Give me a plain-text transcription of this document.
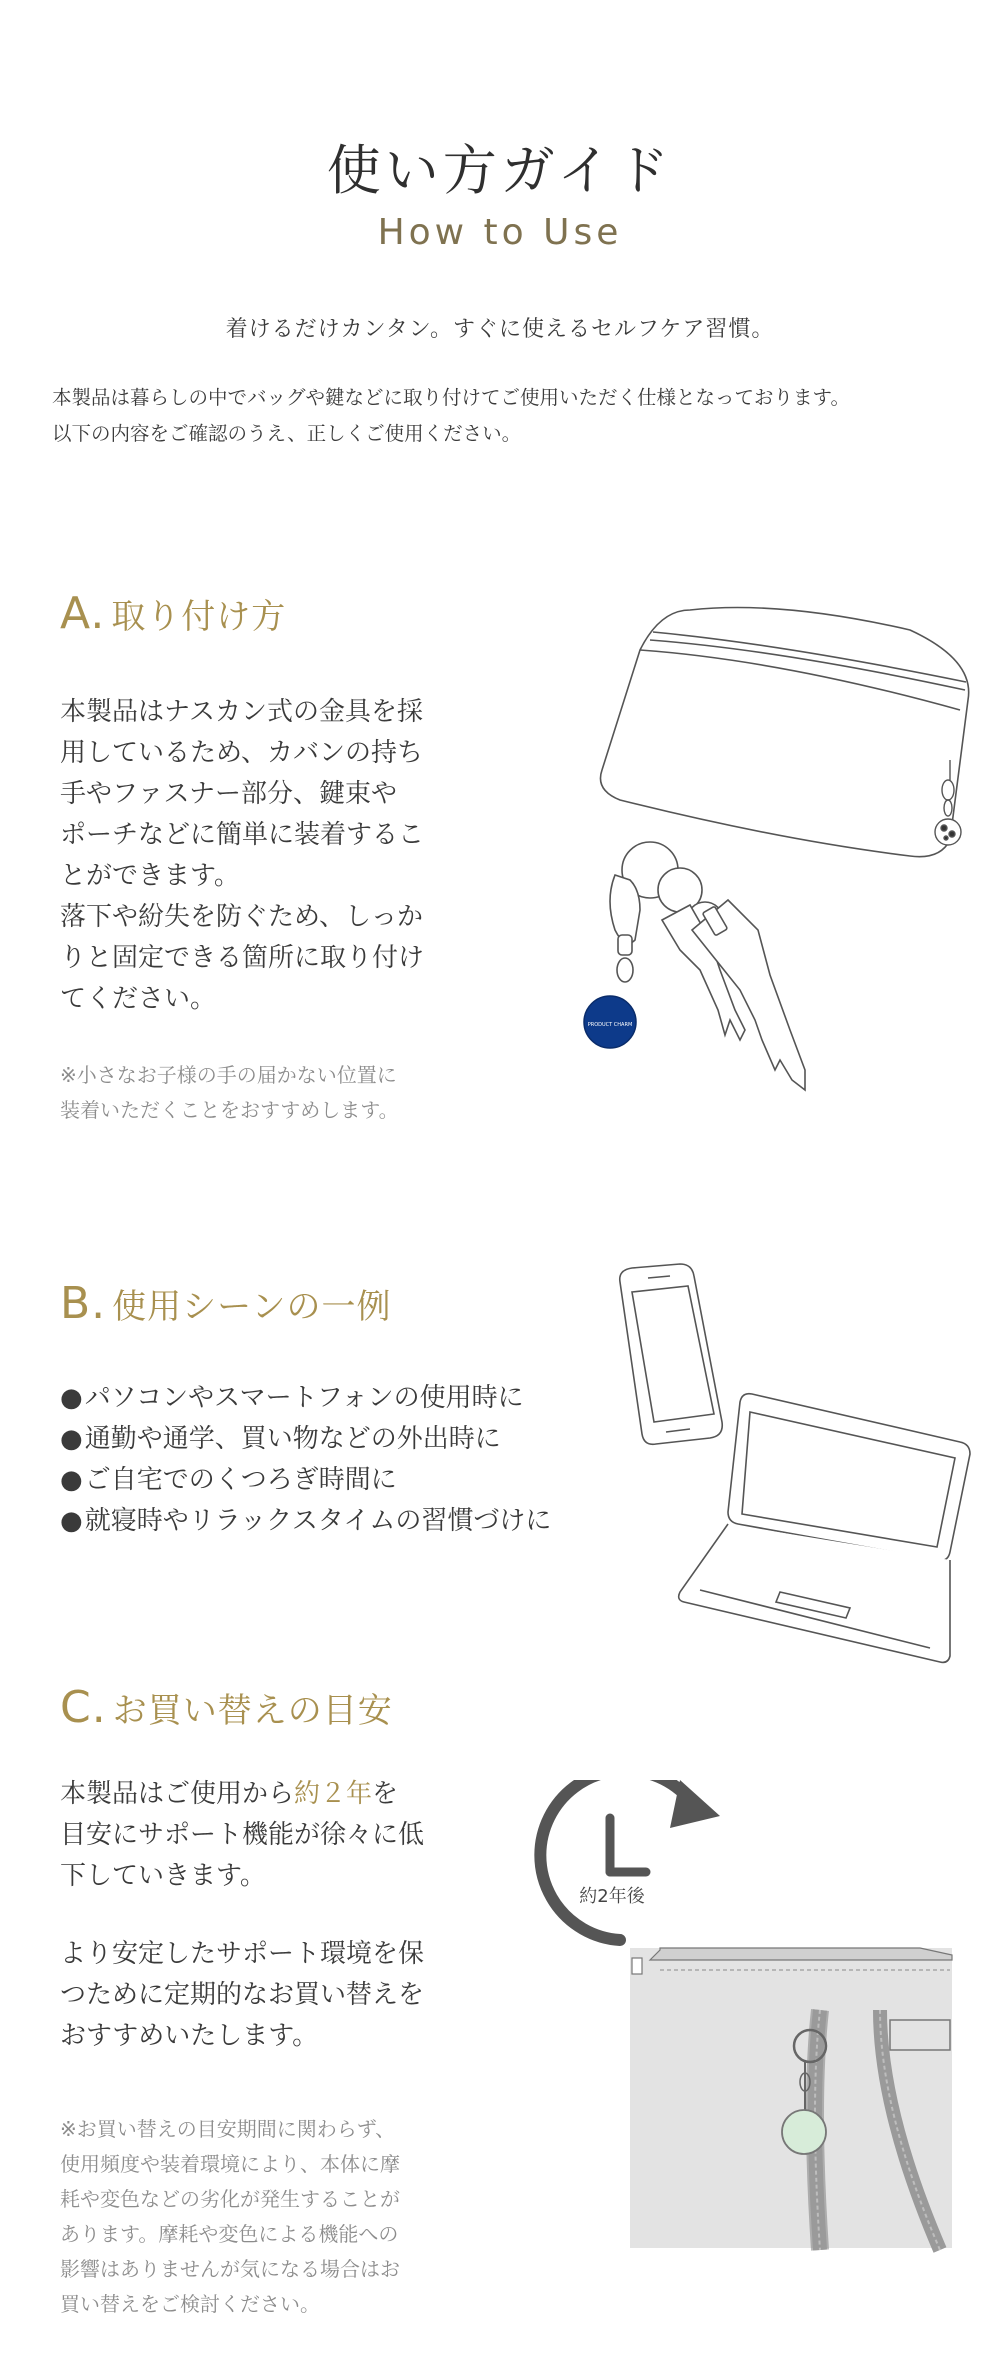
使い方ガイド
How to Use
着けるだけカンタン。すぐに使えるセルフケア習慣。
本製品は暮らしの中でバッグや鍵などに取り付けてご使用いただく仕様となっております。
以下の内容をご確認のうえ、正しくご使用ください。
A. 取り付け方
本製品はナスカン式の金具を採
用しているため、カバンの持ち
手やファスナー部分、鍵束や
ポーチなどに簡単に装着するこ
とができます。
落下や紛失を防ぐため、しっか
りと固定できる箇所に取り付け
てください。
※小さなお子様の手の届かない位置に
装着いただくことをおすすめします。
PRODUCT CHARM
B. 使用シーンの一例
●パソコンやスマートフォンの使用時に
●通勤や通学、買い物などの外出時に
●ご自宅でのくつろぎ時間に
●就寝時やリラックスタイムの習慣づけに
C. お買い替えの目安
本製品はご使用から約２年を
目安にサポート機能が徐々に低
下していきます。
より安定したサポート環境を保
つために定期的なお買い替えを
おすすめいたします。
※お買い替えの目安期間に関わらず、
使用頻度や装着環境により、本体に摩
耗や変色などの劣化が発生することが
あります。摩耗や変色による機能への
影響はありませんが気になる場合はお
買い替えをご検討ください。
約2年後
